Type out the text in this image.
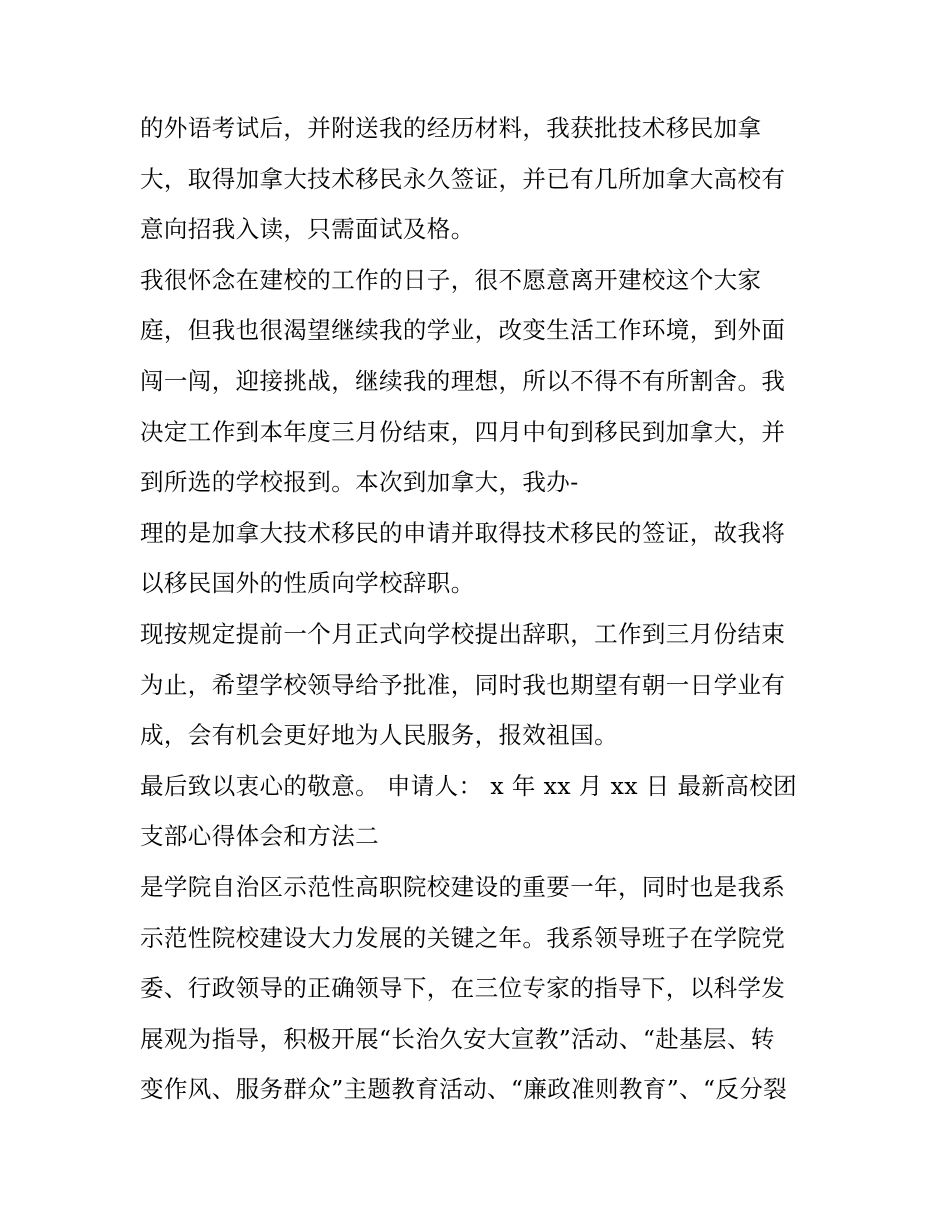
的外语考试后，并附送我的经历材料，我获批技术移民加拿
大，取得加拿大技术移民永久签证，并已有几所加拿大高校有
意向招我入读，只需面试及格。
我很怀念在建校的工作的日子，很不愿意离开建校这个大家
庭，但我也很渴望继续我的学业，改变生活工作环境，到外面
闯一闯，迎接挑战，继续我的理想，所以不得不有所割舍。我
决定工作到本年度三月份结束，四月中旬到移民到加拿大，并
到所选的学校报到。本次到加拿大，我办-
理的是加拿大技术移民的申请并取得技术移民的签证，故我将
以移民国外的性质向学校辞职。
现按规定提前一个月正式向学校提出辞职，工作到三月份结束
为止，希望学校领导给予批准，同时我也期望有朝一日学业有
成，会有机会更好地为人民服务，报效祖国。
最后致以衷心的敬意。 申请人： x 年 xx 月 xx 日 最新高校团
支部心得体会和方法二
是学院自治区示范性高职院校建设的重要一年，同时也是我系
示范性院校建设大力发展的关键之年。我系领导班子在学院党
委、行政领导的正确领导下，在三位专家的指导下，以科学发
展观为指导，积极开展“长治久安大宣教”活动、“赴基层、转
变作风、服务群众”主题教育活动、“廉政准则教育”、“反分裂
